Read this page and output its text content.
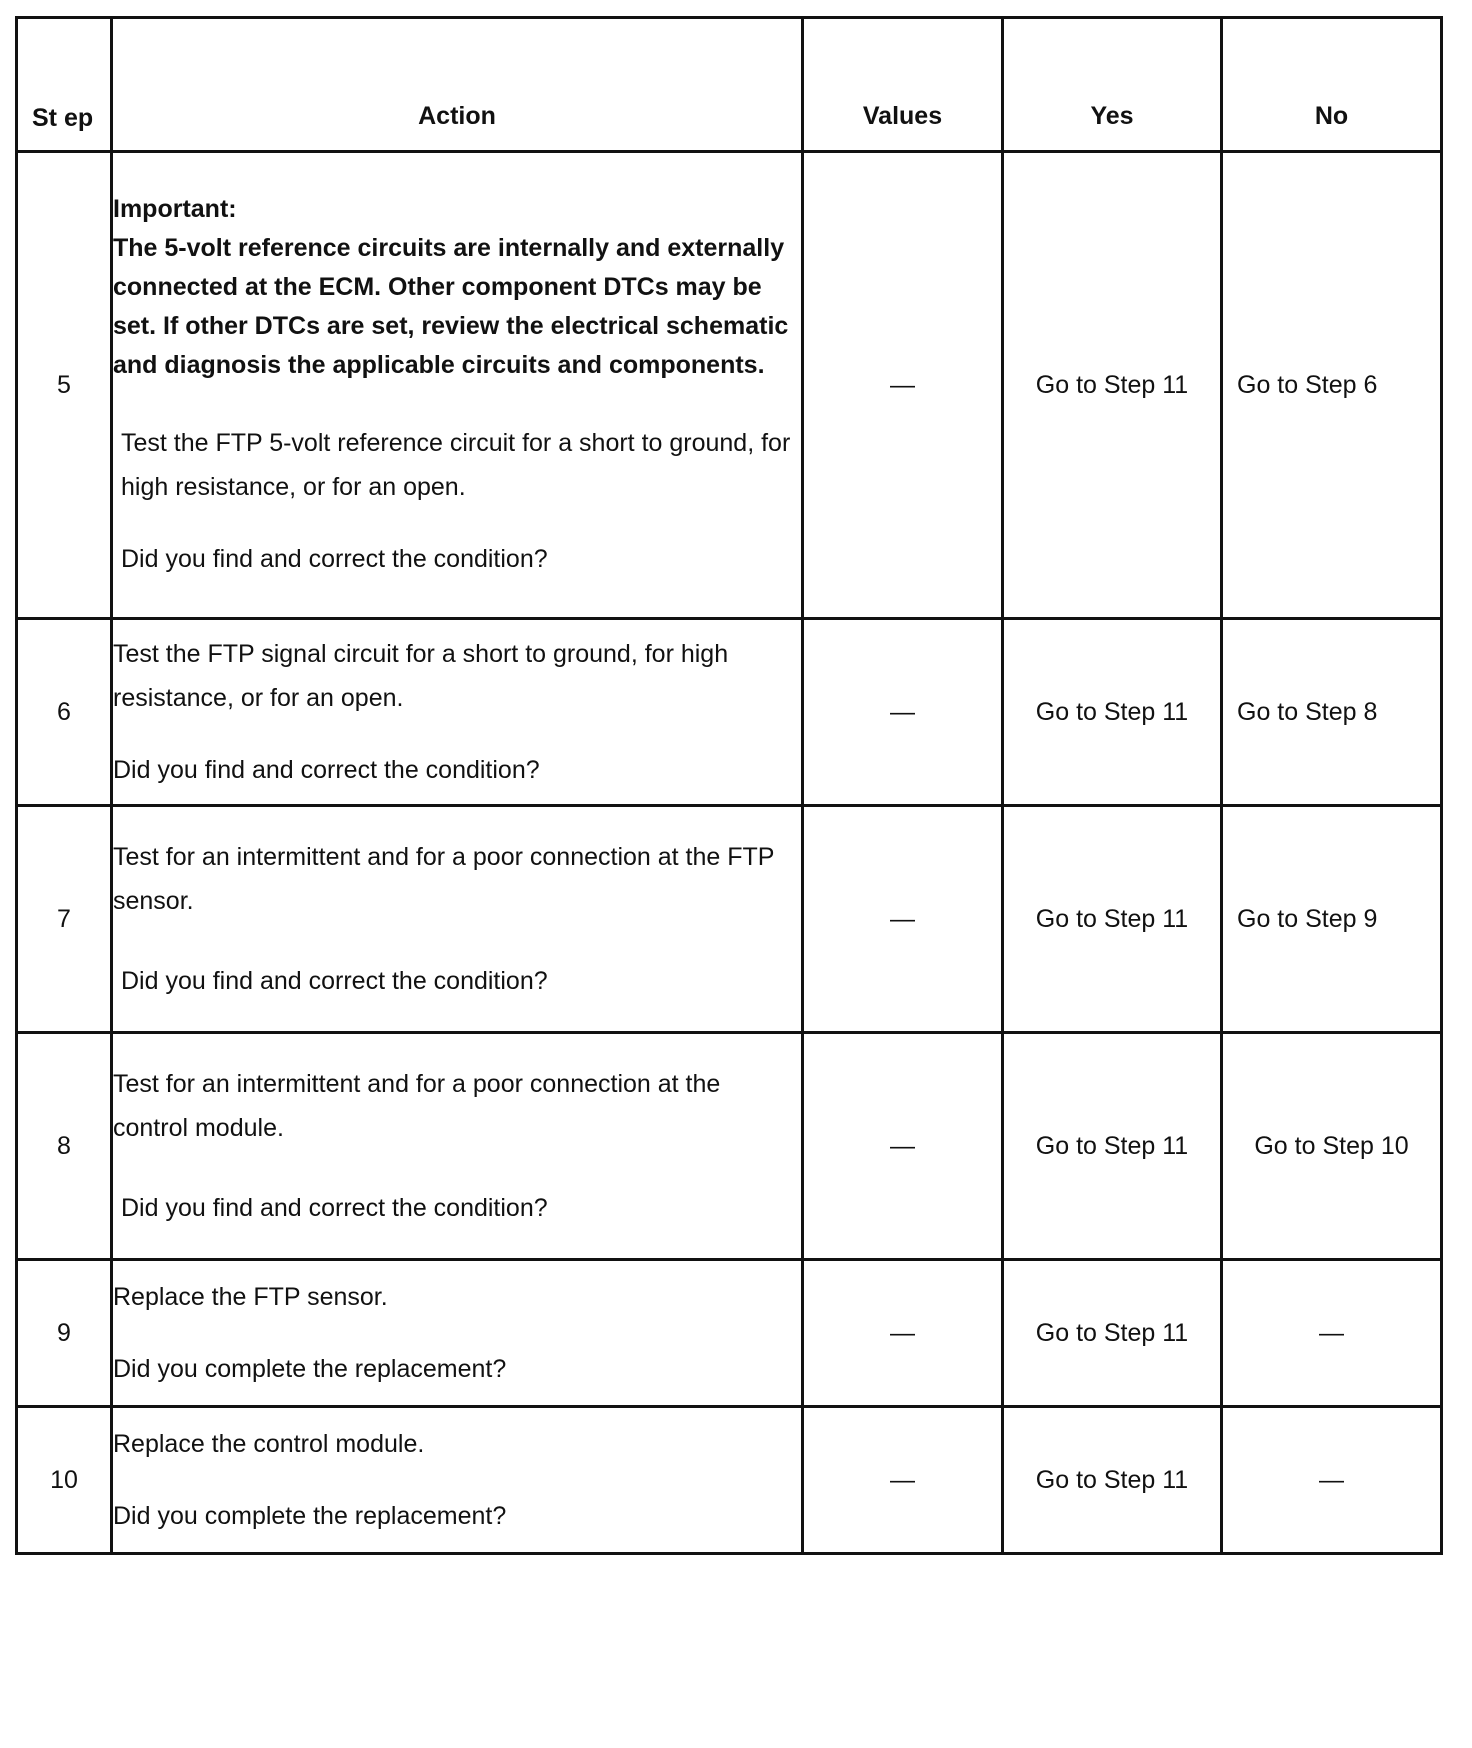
St ep	Action	Values	Yes	No
5	Important:
The 5-volt reference circuits are internally and externally connected at the ECM. Other component DTCs may be set. If other DTCs are set, review the electrical schematic and diagnosis the applicable circuits and components.
Test the FTP 5-volt reference circuit for a short to ground, for high resistance, or for an open.
Did you find and correct the condition?	—	Go to Step 11	Go to Step 6
6	Test the FTP signal circuit for a short to ground, for high resistance, or for an open.
Did you find and correct the condition?	—	Go to Step 11	Go to Step 8
7	Test for an intermittent and for a poor connection at the FTP sensor.
Did you find and correct the condition?	—	Go to Step 11	Go to Step 9
8	Test for an intermittent and for a poor connection at the control module.
Did you find and correct the condition?	—	Go to Step 11	Go to Step 10
9	Replace the FTP sensor.
Did you complete the replacement?	—	Go to Step 11	—
10	Replace the control module.
Did you complete the replacement?	—	Go to Step 11	—
